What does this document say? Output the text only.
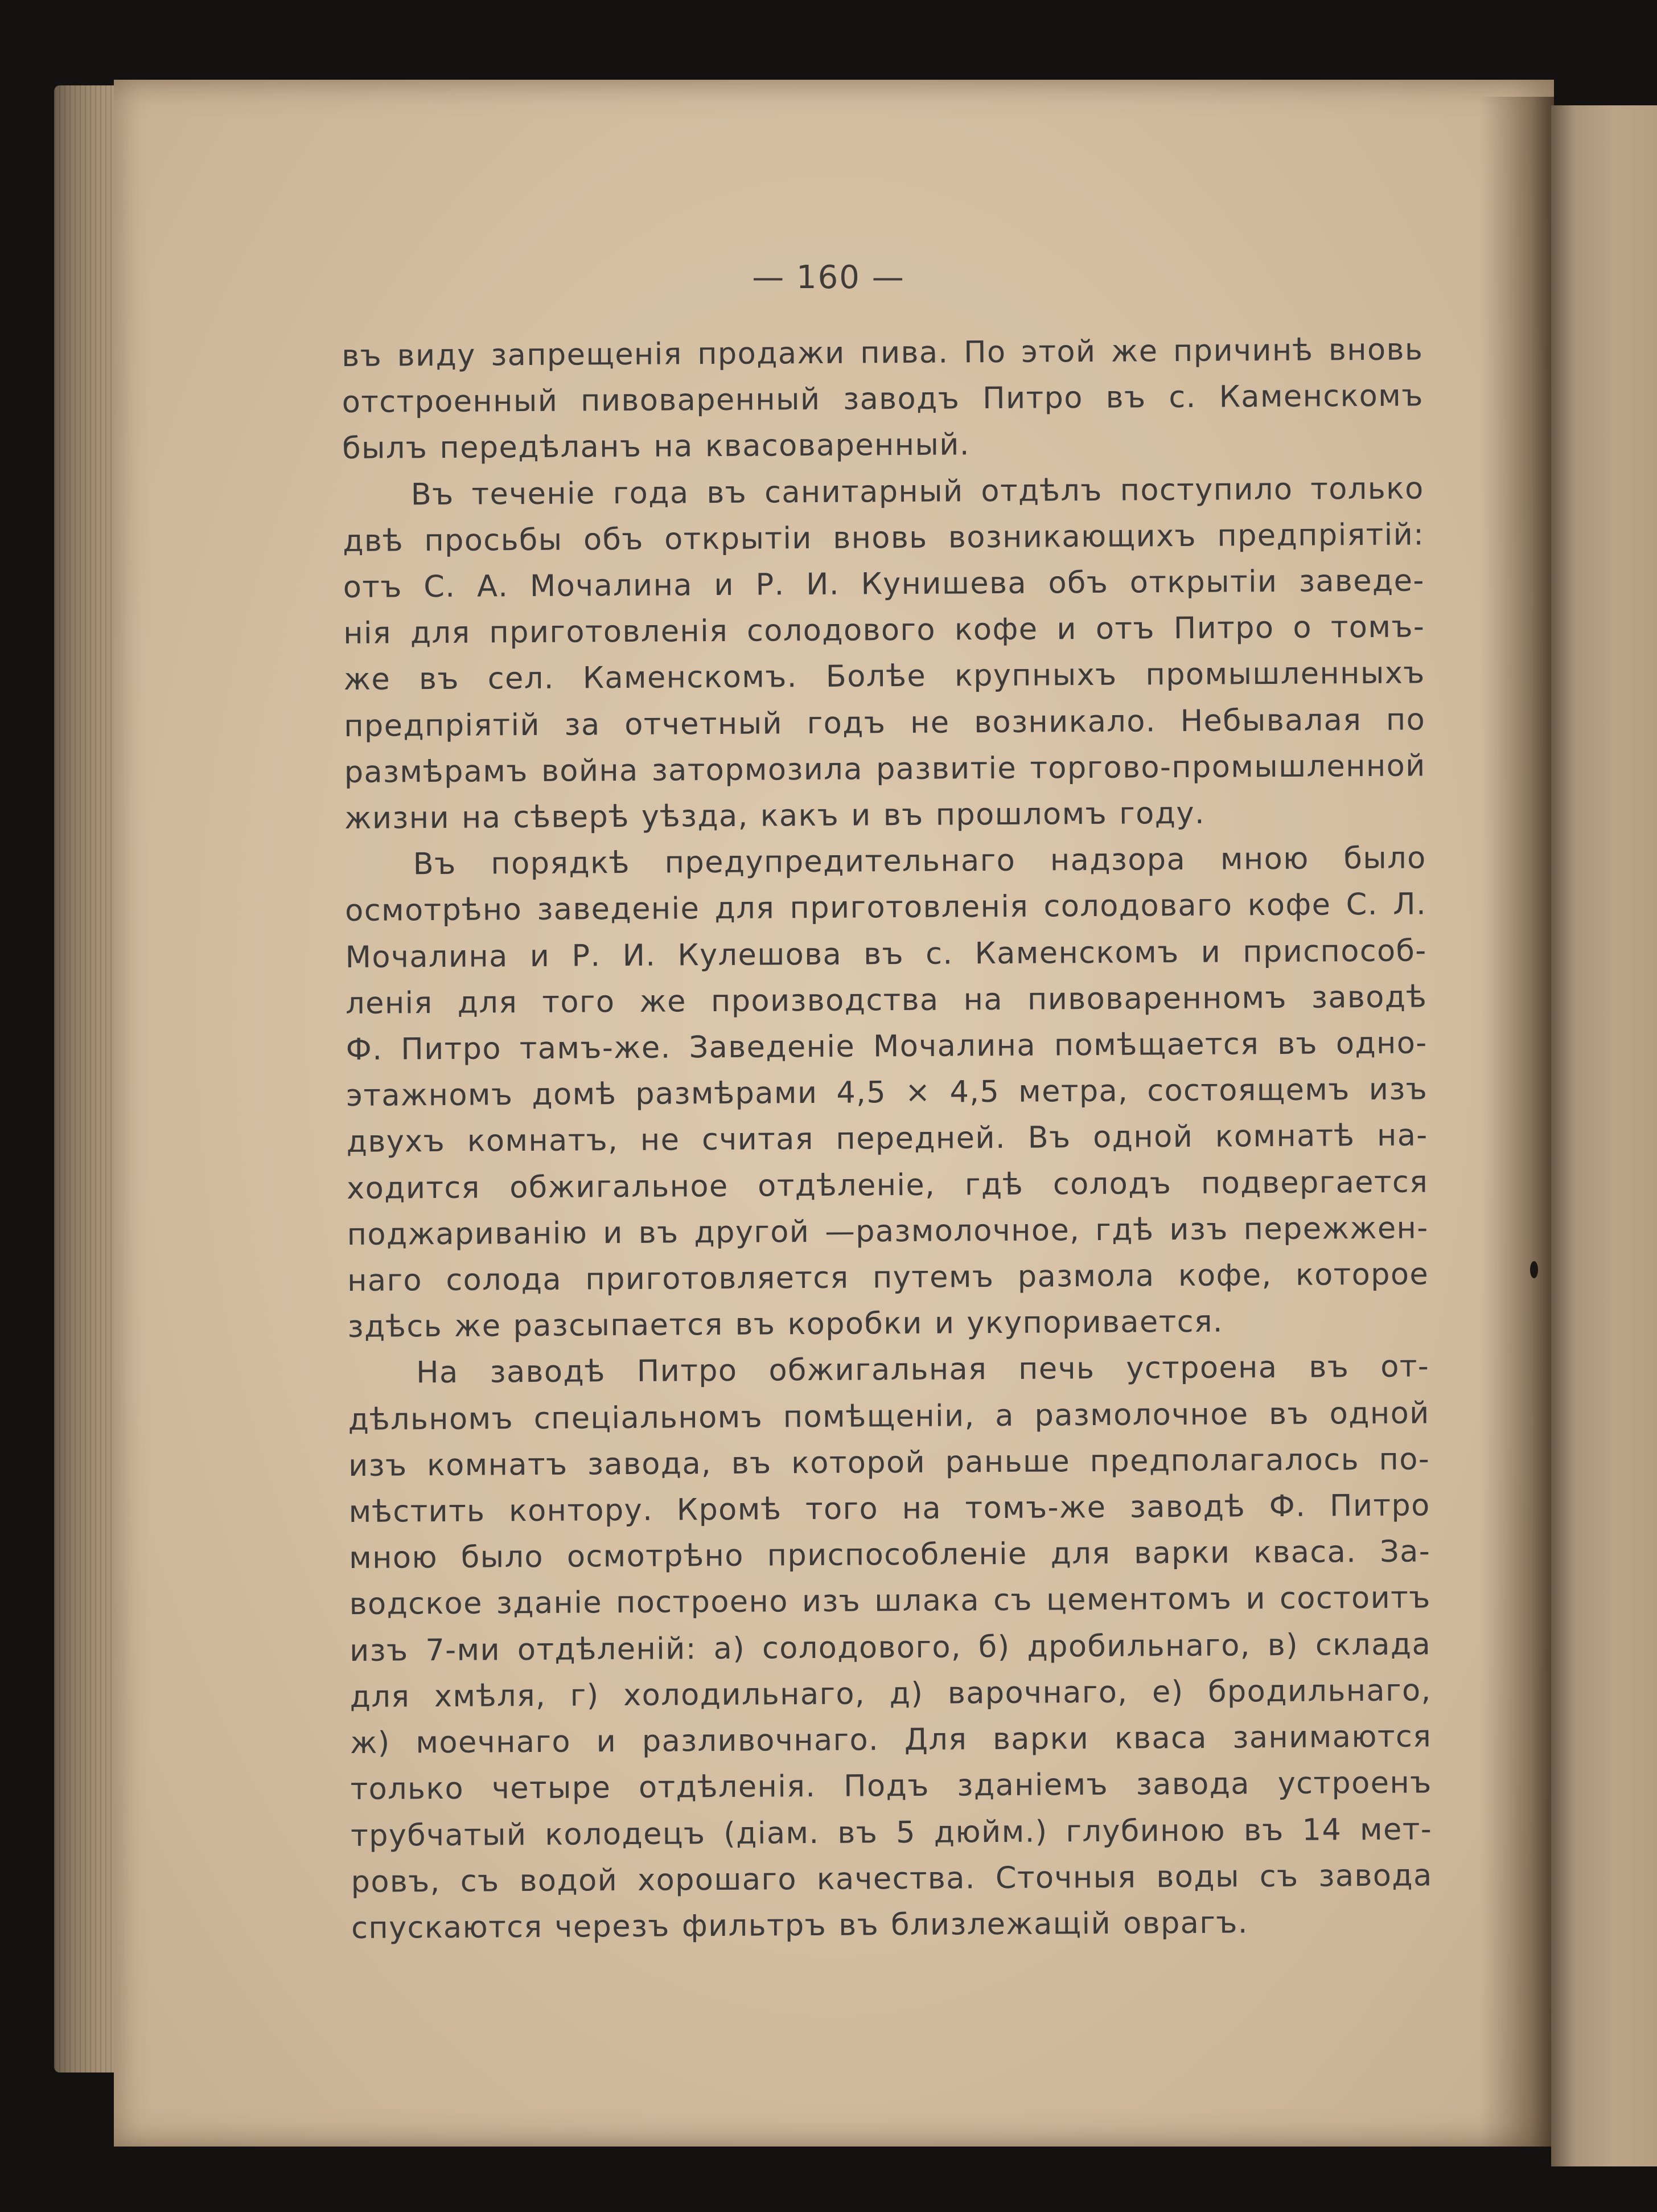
— 160 —
въ виду запрещенія продажи пива. По этой же причинѣ вновь
отстроенный пивоваренный заводъ Питро въ с. Каменскомъ
былъ передѣланъ на квасоваренный.
Въ теченіе года въ санитарный отдѣлъ поступило только
двѣ просьбы объ открытіи вновь возникающихъ предпріятій:
отъ С. А. Мочалина и Р. И. Кунишева объ открытіи заведе-
нія для приготовленія солодового кофе и отъ Питро о томъ-
же въ сел. Каменскомъ. Болѣе крупныхъ промышленныхъ
предпріятій за отчетный годъ не возникало. Небывалая по
размѣрамъ война затормозила развитіе торгово-промышленной
жизни на сѣверѣ уѣзда, какъ и въ прошломъ году.
Въ порядкѣ предупредительнаго надзора мною было
осмотрѣно заведеніе для приготовленія солодоваго кофе С. Л.
Мочалина и Р. И. Кулешова въ с. Каменскомъ и приспособ-
ленія для того же производства на пивоваренномъ заводѣ
Ф. Питро тамъ-же. Заведеніе Мочалина помѣщается въ одно-
этажномъ домѣ размѣрами 4,5 × 4,5 метра, состоящемъ изъ
двухъ комнатъ, не считая передней. Въ одной комнатѣ на-
ходится обжигальное отдѣленіе, гдѣ солодъ подвергается
поджариванію и въ другой —размолочное, гдѣ изъ пережжен-
наго солода приготовляется путемъ размола кофе, которое
здѣсь же разсыпается въ коробки и укупоривается.
На заводѣ Питро обжигальная печь устроена въ от-
дѣльномъ спеціальномъ помѣщеніи, а размолочное въ одной
изъ комнатъ завода, въ которой раньше предполагалось по-
мѣстить контору. Кромѣ того на томъ-же заводѣ Ф. Питро
мною было осмотрѣно приспособленіе для варки кваса. За-
водское зданіе построено изъ шлака съ цементомъ и состоитъ
изъ 7-ми отдѣленій: а) солодового, б) дробильнаго, в) склада
для хмѣля, г) холодильнаго, д) варочнаго, е) бродильнаго,
ж) моечнаго и разливочнаго. Для варки кваса занимаются
только четыре отдѣленія. Подъ зданіемъ завода устроенъ
трубчатый колодецъ (діам. въ 5 дюйм.) глубиною въ 14 мет-
ровъ, съ водой хорошаго качества. Сточныя воды съ завода
спускаются черезъ фильтръ въ близлежащій оврагъ.
